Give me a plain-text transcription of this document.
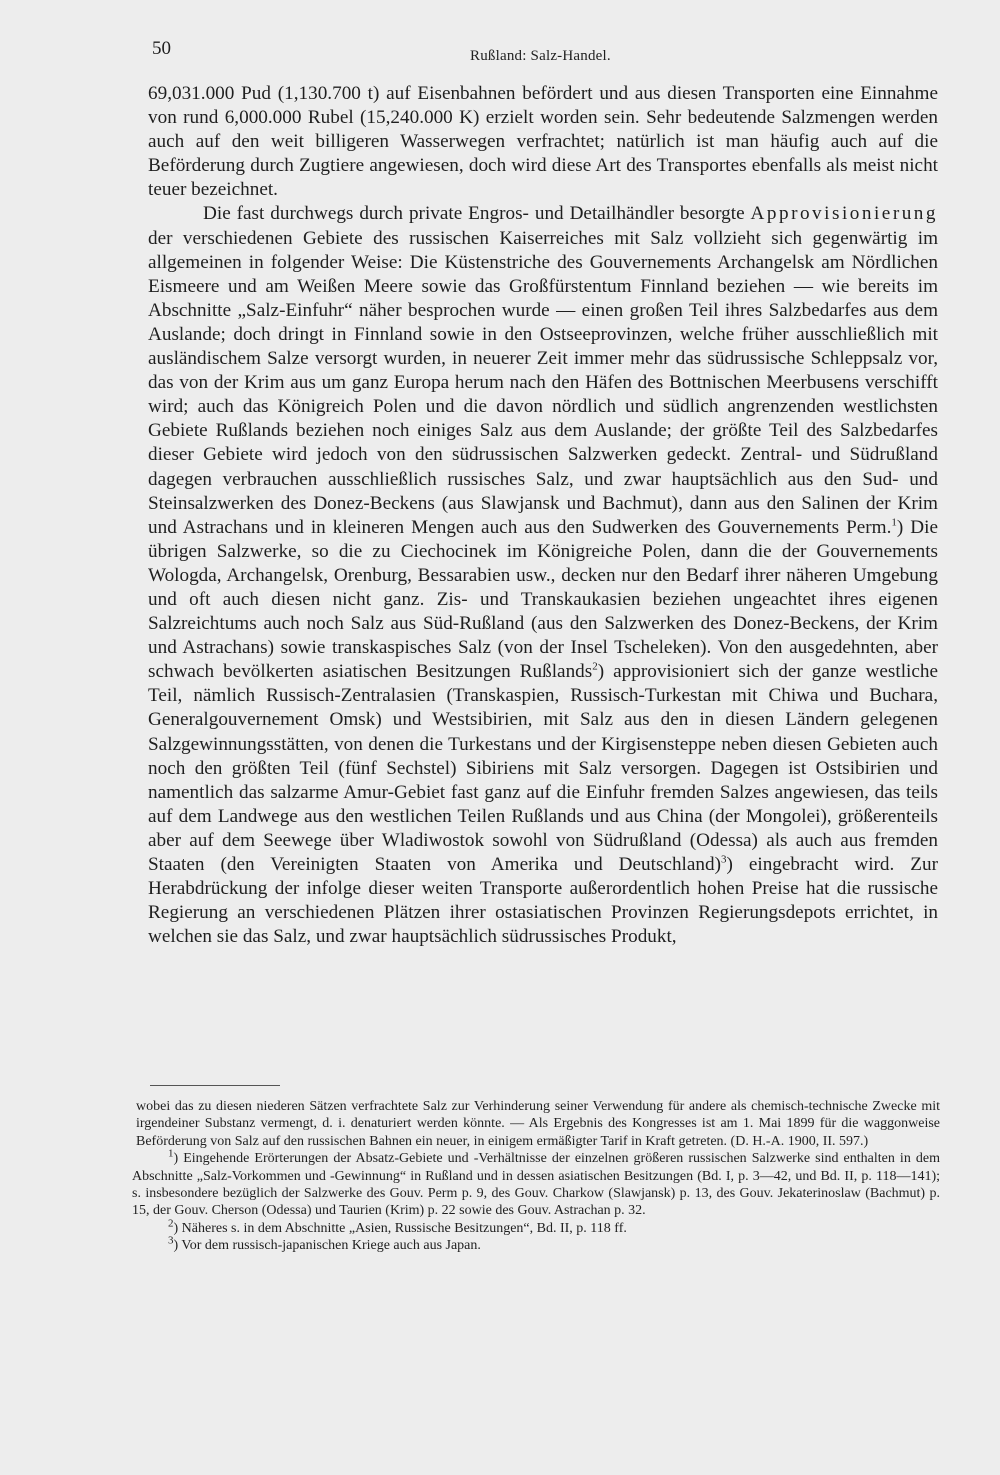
50	Rußland: Salz-Handel.

69,031.000 Pud (1,130.700 t) auf Eisenbahnen befördert und aus diesen Transporten eine Einnahme von rund 6,000.000 Rubel (15,240.000 K) erzielt worden sein. Sehr bedeutende Salzmengen werden auch auf den weit billigeren Wasserwegen verfrachtet; natürlich ist man häufig auch auf die Beförderung durch Zugtiere angewiesen, doch wird diese Art des Transportes ebenfalls als meist nicht teuer bezeichnet.

Die fast durchwegs durch private Engros- und Detailhändler besorgte Approvisionierung der verschiedenen Gebiete des russischen Kaiserreiches mit Salz vollzieht sich gegenwärtig im allgemeinen in folgender Weise: Die Küstenstriche des Gouvernements Archangelsk am Nördlichen Eismeere und am Weißen Meere sowie das Großfürstentum Finnland beziehen — wie bereits im Abschnitte „Salz-Einfuhr“ näher besprochen wurde — einen großen Teil ihres Salzbedarfes aus dem Auslande; doch dringt in Finnland sowie in den Ostseeprovinzen, welche früher ausschließlich mit ausländischem Salze versorgt wurden, in neuerer Zeit immer mehr das südrussische Schleppsalz vor, das von der Krim aus um ganz Europa herum nach den Häfen des Bottnischen Meerbusens verschifft wird; auch das Königreich Polen und die davon nördlich und südlich angrenzenden westlichsten Gebiete Rußlands beziehen noch einiges Salz aus dem Auslande; der größte Teil des Salzbedarfes dieser Gebiete wird jedoch von den südrussischen Salzwerken gedeckt. Zentral- und Südrußland dagegen verbrauchen ausschließlich russisches Salz, und zwar hauptsächlich aus den Sud- und Steinsalzwerken des Donez-Beckens (aus Slawjansk und Bachmut), dann aus den Salinen der Krim und Astrachans und in kleineren Mengen auch aus den Sudwerken des Gouvernements Perm.$^1$) Die übrigen Salzwerke, so die zu Ciechocinek im Königreiche Polen, dann die der Gouvernements Wologda, Archangelsk, Orenburg, Bessarabien usw., decken nur den Bedarf ihrer näheren Umgebung und oft auch diesen nicht ganz. Zis- und Transkaukasien beziehen ungeachtet ihres eigenen Salzreichtums auch noch Salz aus Süd-Rußland (aus den Salzwerken des Donez-Beckens, der Krim und Astrachans) sowie transkaspisches Salz (von der Insel Tscheleken). Von den ausgedehnten, aber schwach bevölkerten asiatischen Besitzungen Rußlands$^2$) approvisioniert sich der ganze westliche Teil, nämlich Russisch-Zentralasien (Transkaspien, Russisch-Turkestan mit Chiwa und Buchara, Generalgouvernement Omsk) und Westsibirien, mit Salz aus den in diesen Ländern gelegenen Salzgewinnungsstätten, von denen die Turkestans und der Kirgisensteppe neben diesen Gebieten auch noch den größten Teil (fünf Sechstel) Sibiriens mit Salz versorgen. Dagegen ist Ostsibirien und namentlich das salzarme Amur-Gebiet fast ganz auf die Einfuhr fremden Salzes angewiesen, das teils auf dem Landwege aus den westlichen Teilen Rußlands und aus China (der Mongolei), größerenteils aber auf dem Seewege über Wladiwostok sowohl von Südrußland (Odessa) als auch aus fremden Staaten (den Vereinigten Staaten von Amerika und Deutschland)$^3$) eingebracht wird. Zur Herabdrückung der infolge dieser weiten Transporte außerordentlich hohen Preise hat die russische Regierung an verschiedenen Plätzen ihrer ostasiatischen Provinzen Regierungsdepots errichtet, in welchen sie das Salz, und zwar hauptsächlich südrussisches Produkt,

wobei das zu diesen niederen Sätzen verfrachtete Salz zur Verhinderung seiner Verwendung für andere als chemisch-technische Zwecke mit irgendeiner Substanz vermengt, d. i. denaturiert werden könnte. — Als Ergebnis des Kongresses ist am 1. Mai 1899 für die waggonweise Beförderung von Salz auf den russischen Bahnen ein neuer, in einigem ermäßigter Tarif in Kraft getreten. (D. H.-A. 1900, II. 597.)

$^1$) Eingehende Erörterungen der Absatz-Gebiete und -Verhältnisse der einzelnen größeren russischen Salzwerke sind enthalten in dem Abschnitte „Salz-Vorkommen und -Gewinnung“ in Rußland und in dessen asiatischen Besitzungen (Bd. I, p. 3—42, und Bd. II, p. 118—141); s. insbesondere bezüglich der Salzwerke des Gouv. Perm p. 9, des Gouv. Charkow (Slawjansk) p. 13, des Gouv. Jekaterinoslaw (Bachmut) p. 15, der Gouv. Cherson (Odessa) und Taurien (Krim) p. 22 sowie des Gouv. Astrachan p. 32.

$^2$) Näheres s. in dem Abschnitte „Asien, Russische Besitzungen“, Bd. II, p. 118 ff.

$^3$) Vor dem russisch-japanischen Kriege auch aus Japan.
